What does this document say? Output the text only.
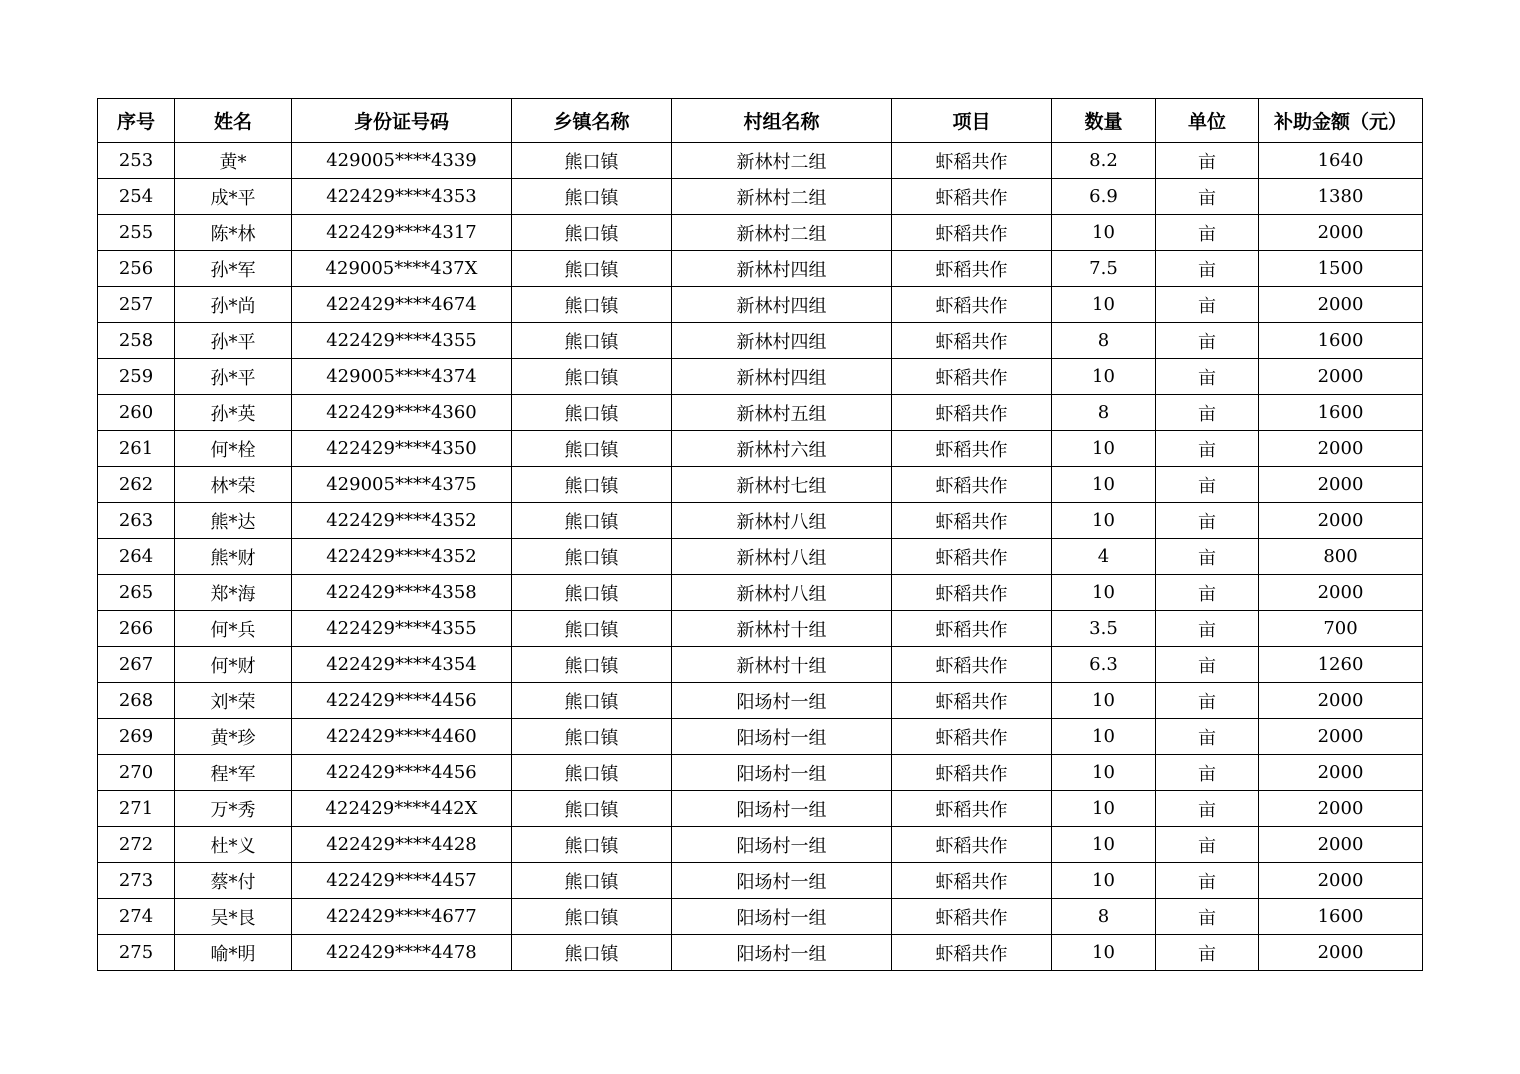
序号	姓名	身份证号码	乡镇名称	村组名称	项目	数量	单位	补助金额（元）
253	黄*	429005****4339	熊口镇	新林村二组	虾稻共作	8.2	亩	1640
254	成*平	422429****4353	熊口镇	新林村二组	虾稻共作	6.9	亩	1380
255	陈*林	422429****4317	熊口镇	新林村二组	虾稻共作	10	亩	2000
256	孙*军	429005****437X	熊口镇	新林村四组	虾稻共作	7.5	亩	1500
257	孙*尚	422429****4674	熊口镇	新林村四组	虾稻共作	10	亩	2000
258	孙*平	422429****4355	熊口镇	新林村四组	虾稻共作	8	亩	1600
259	孙*平	429005****4374	熊口镇	新林村四组	虾稻共作	10	亩	2000
260	孙*英	422429****4360	熊口镇	新林村五组	虾稻共作	8	亩	1600
261	何*栓	422429****4350	熊口镇	新林村六组	虾稻共作	10	亩	2000
262	林*荣	429005****4375	熊口镇	新林村七组	虾稻共作	10	亩	2000
263	熊*达	422429****4352	熊口镇	新林村八组	虾稻共作	10	亩	2000
264	熊*财	422429****4352	熊口镇	新林村八组	虾稻共作	4	亩	800
265	郑*海	422429****4358	熊口镇	新林村八组	虾稻共作	10	亩	2000
266	何*兵	422429****4355	熊口镇	新林村十组	虾稻共作	3.5	亩	700
267	何*财	422429****4354	熊口镇	新林村十组	虾稻共作	6.3	亩	1260
268	刘*荣	422429****4456	熊口镇	阳场村一组	虾稻共作	10	亩	2000
269	黄*珍	422429****4460	熊口镇	阳场村一组	虾稻共作	10	亩	2000
270	程*军	422429****4456	熊口镇	阳场村一组	虾稻共作	10	亩	2000
271	万*秀	422429****442X	熊口镇	阳场村一组	虾稻共作	10	亩	2000
272	杜*义	422429****4428	熊口镇	阳场村一组	虾稻共作	10	亩	2000
273	蔡*付	422429****4457	熊口镇	阳场村一组	虾稻共作	10	亩	2000
274	吴*艮	422429****4677	熊口镇	阳场村一组	虾稻共作	8	亩	1600
275	喻*明	422429****4478	熊口镇	阳场村一组	虾稻共作	10	亩	2000
